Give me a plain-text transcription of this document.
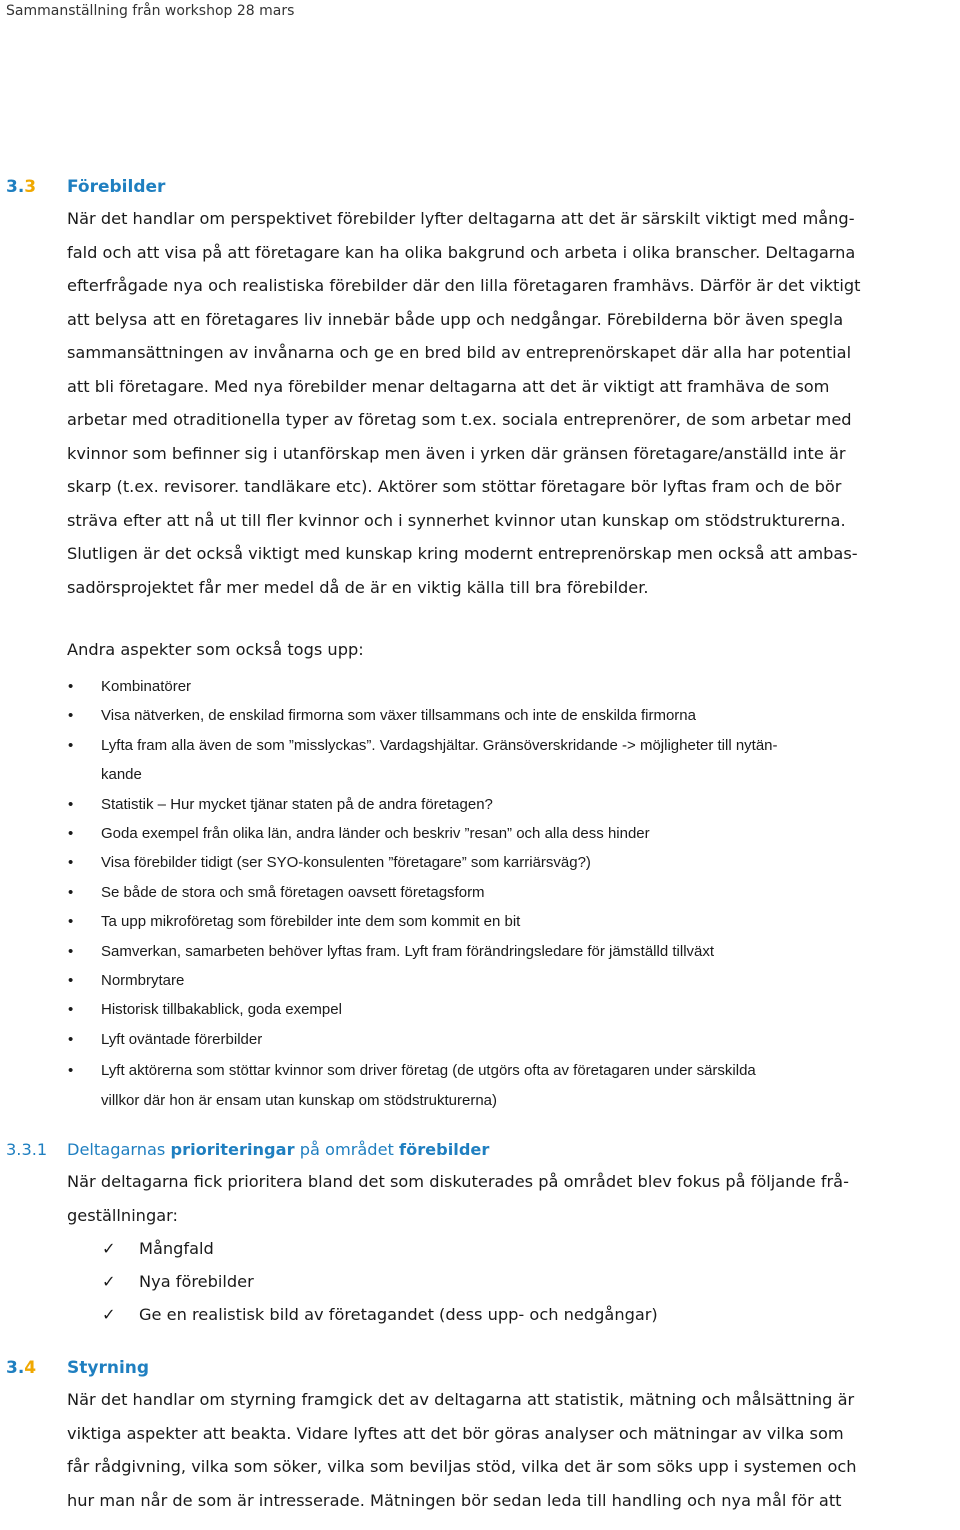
Sammanställning från workshop 28 mars
3.3	Förebilder
När det handlar om perspektivet förebilder lyfter deltagarna att det är särskilt viktigt med mång-
fald och att visa på att företagare kan ha olika bakgrund och arbeta i olika branscher. Deltagarna
efterfrågade nya och realistiska förebilder där den lilla företagaren framhävs. Därför är det viktigt
att belysa att en företagares liv innebär både upp och nedgångar. Förebilderna bör även spegla
sammansättningen av invånarna och ge en bred bild av entreprenörskapet där alla har potential
att bli företagare. Med nya förebilder menar deltagarna att det är viktigt att framhäva de som
arbetar med otraditionella typer av företag som t.ex. sociala entreprenörer, de som arbetar med
kvinnor som befinner sig i utanförskap men även i yrken där gränsen företagare/anställd inte är
skarp (t.ex. revisorer. tandläkare etc). Aktörer som stöttar företagare bör lyftas fram och de bör
sträva efter att nå ut till fler kvinnor och i synnerhet kvinnor utan kunskap om stödstrukturerna.
Slutligen är det också viktigt med kunskap kring modernt entreprenörskap men också att ambas-
sadörsprojektet får mer medel då de är en viktig källa till bra förebilder.
Andra aspekter som också togs upp:
• Kombinatörer
• Visa nätverken, de enskilad firmorna som växer tillsammans och inte de enskilda firmorna
• Lyfta fram alla även de som ”misslyckas”. Vardagshjältar. Gränsöverskridande -> möjligheter till nytän-
kande
• Statistik – Hur mycket tjänar staten på de andra företagen?
• Goda exempel från olika län, andra länder och beskriv ”resan” och alla dess hinder
• Visa förebilder tidigt (ser SYO-konsulenten ”företagare” som karriärsväg?)
• Se både de stora och små företagen oavsett företagsform
• Ta upp mikroföretag som förebilder inte dem som kommit en bit
• Samverkan, samarbeten behöver lyftas fram. Lyft fram förändringsledare för jämställd tillväxt
• Normbrytare
• Historisk tillbakablick, goda exempel
• Lyft oväntade förerbilder
• Lyft aktörerna som stöttar kvinnor som driver företag (de utgörs ofta av företagaren under särskilda
villkor där hon är ensam utan kunskap om stödstrukturerna)
3.3.1	Deltagarnas prioriteringar på området förebilder
När deltagarna fick prioritera bland det som diskuterades på området blev fokus på följande frå-
geställningar:
✓ Mångfald
✓ Nya förebilder
✓ Ge en realistisk bild av företagandet (dess upp- och nedgångar)
3.4	Styrning
När det handlar om styrning framgick det av deltagarna att statistik, mätning och målsättning är
viktiga aspekter att beakta. Vidare lyftes att det bör göras analyser och mätningar av vilka som
får rådgivning, vilka som söker, vilka som beviljas stöd, vilka det är som söks upp i systemen och
hur man når de som är intresserade. Mätningen bör sedan leda till handling och nya mål för att
